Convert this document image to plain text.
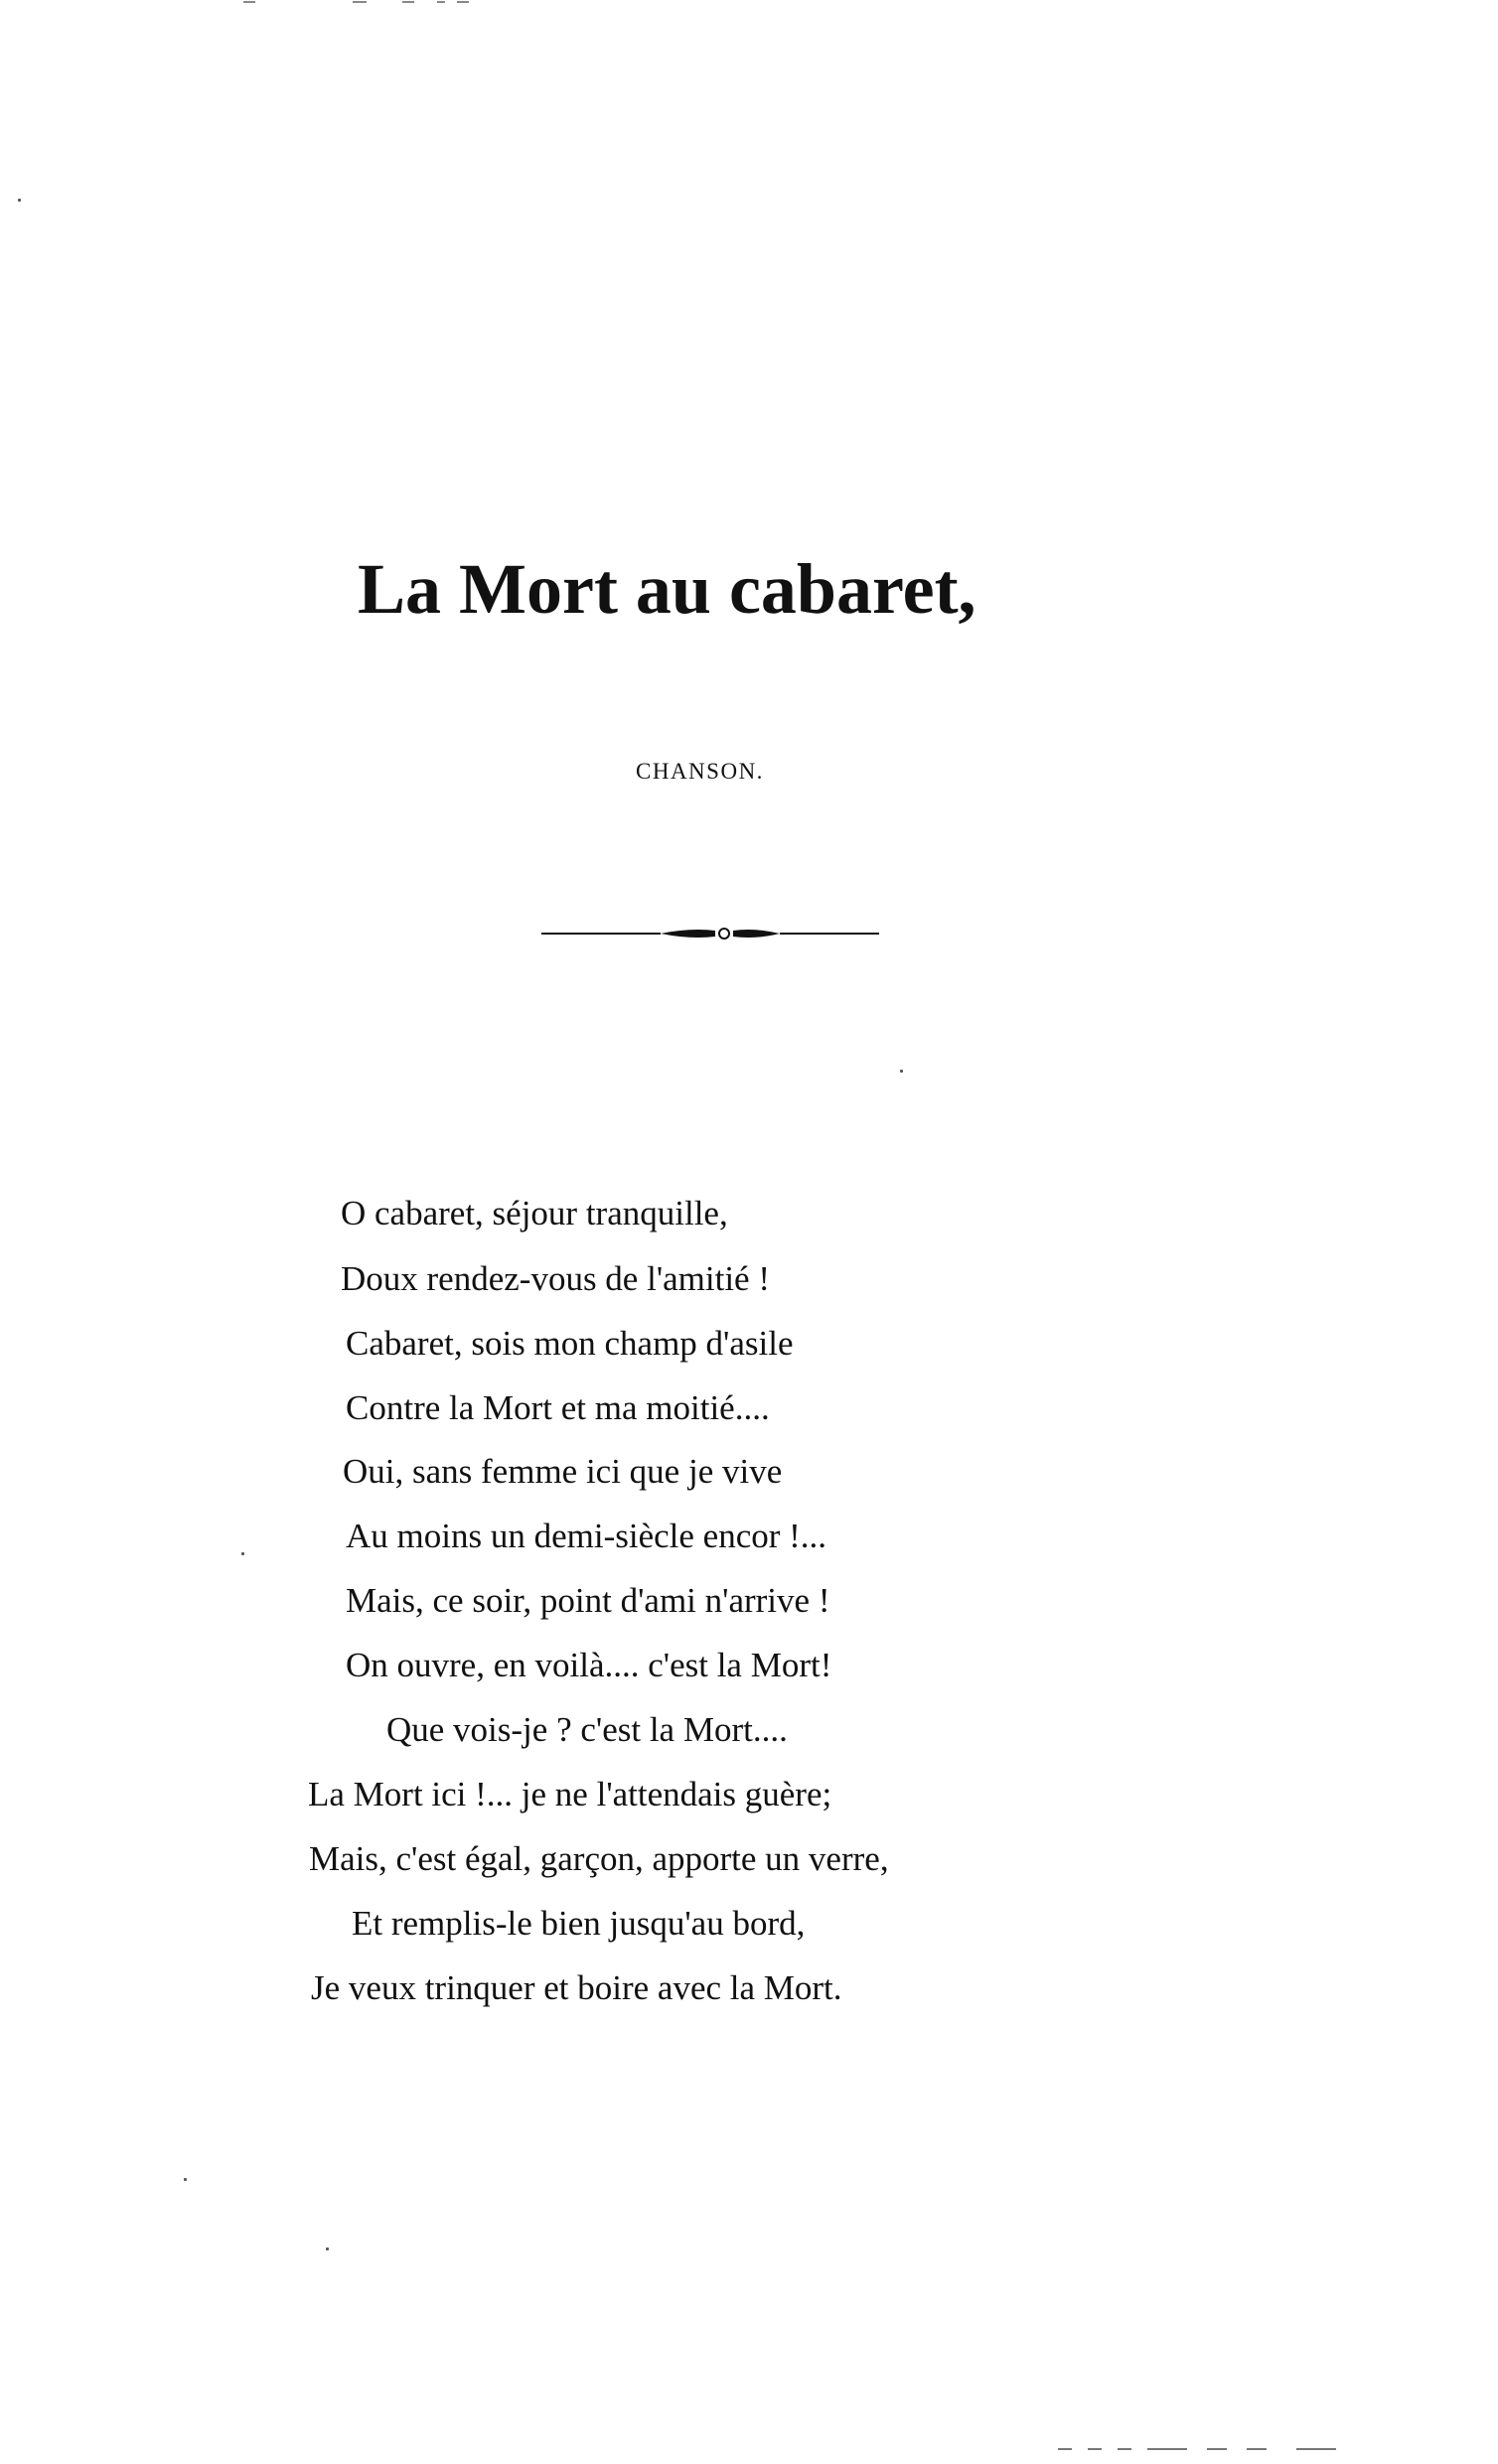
La Mort au cabaret,
CHANSON.
O cabaret, séjour tranquille,
Doux rendez-vous de l'amitié !
Cabaret, sois mon champ d'asile
Contre la Mort et ma moitié....
Oui, sans femme ici que je vive
Au moins un demi-siècle encor !...
Mais, ce soir, point d'ami n'arrive !
On ouvre, en voilà.... c'est la Mort!
Que vois-je ? c'est la Mort....
La Mort ici !... je ne l'attendais guère;
Mais, c'est égal, garçon, apporte un verre,
Et remplis-le bien jusqu'au bord,
Je veux trinquer et boire avec la Mort.
